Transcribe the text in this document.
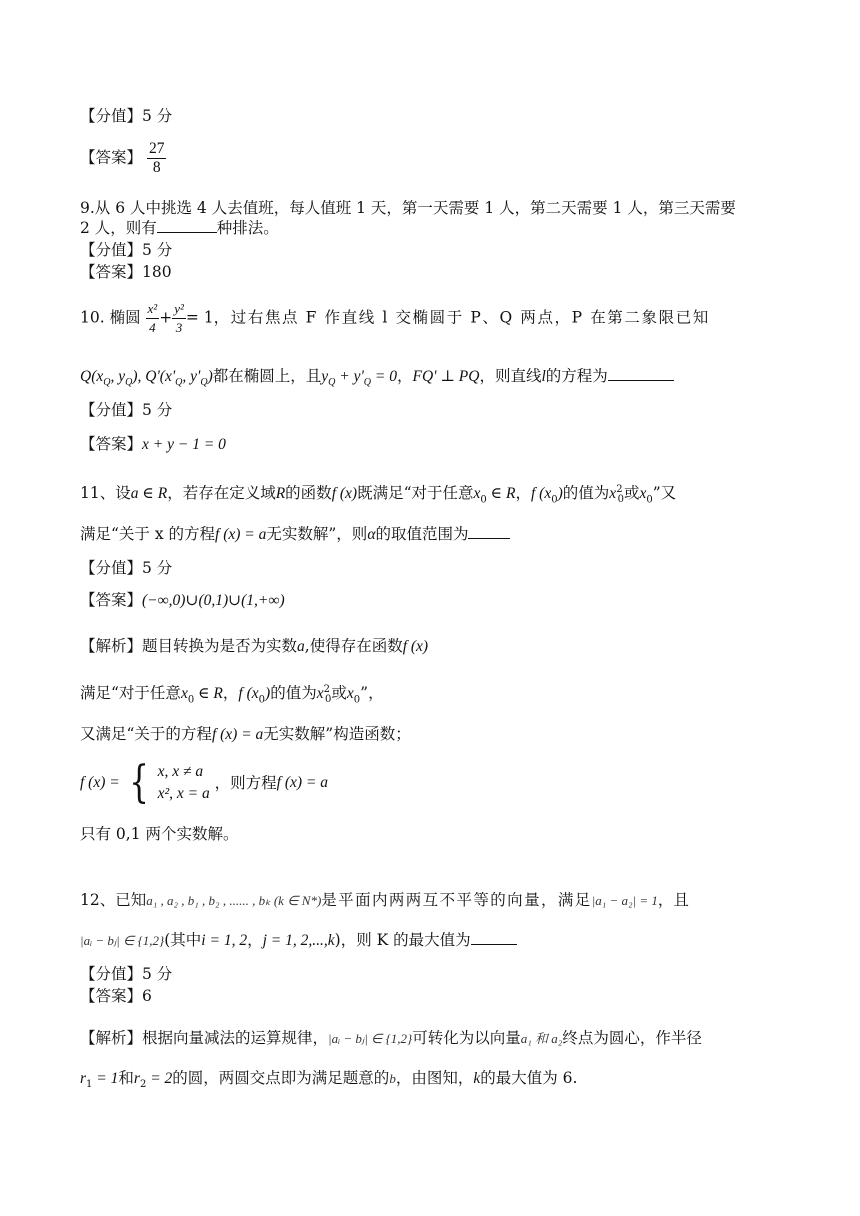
【分值】5 分
【答案】 $\frac{27}{8}$
9.从 6 人中挑选 4 人去值班，每人值班 1 天，第一天需要 1 人，第二天需要 1 人，第三天需要
2 人，则有	种排法。
【分值】5 分
【答案】180
10. 椭圆 $\frac{\text{x²}}{4} + \frac{\text{y²}}{3} = 1$，过右焦点 F 作直线 l 交椭圆于 P、Q 两点，P 在第二象限已知
$Q(x_Q$, $y_Q$), $Q'(x'_Q$, $y'_Q$)都在椭圆上，且$y_Q + y'_Q = 0$，FQ' ⊥ PQ，则直线l的方程为
【分值】5 分
【答案】x + y − 1 = 0
11、设a ∈ R，若存在定义域R的函数f (x)既满足“对于任意$x_0$ ∈ R，f $(x_0)$的值为$x^2_0$或$x_0$”又
满足“关于 x 的方程f (x) = a无实数解”，则α的取值范围为
【分值】5 分
【答案】(−∞,0)∪(0,1)∪(1,+∞)
【解析】题目转换为是否为实数a,使得存在函数f (x)
满足“对于任意$x_0$ ∈ R，f $(x_0)$的值为$x^2_0$或$x_0$”，
又满足“关于的方程f (x) = a无实数解”构造函数；
f (x) = { x, x ≠ a
x², x = a
，则方程f (x) = a
只有 0,1 两个实数解。
12、已知a₁ , a₂ , b₁ , b₂ , ...... , bₖ (k ∈ N*)是平面内两两互不平等的向量，满足|a₁ − a₂| = 1，且
|aᵢ − bⱼ| ∈ {1,2}(其中i = 1, 2，j = 1, 2,...,k)，则 K 的最大值为
【分值】5 分
【答案】6
【解析】根据向量减法的运算规律，|aᵢ − bⱼ| ∈ {1,2}可转化为以向量a₁ 和 a₂终点为圆心，作半径
$r_1 = 1$和$r_2 = 2$的圆，两圆交点即为满足题意的b，由图知，k的最大值为 6.
